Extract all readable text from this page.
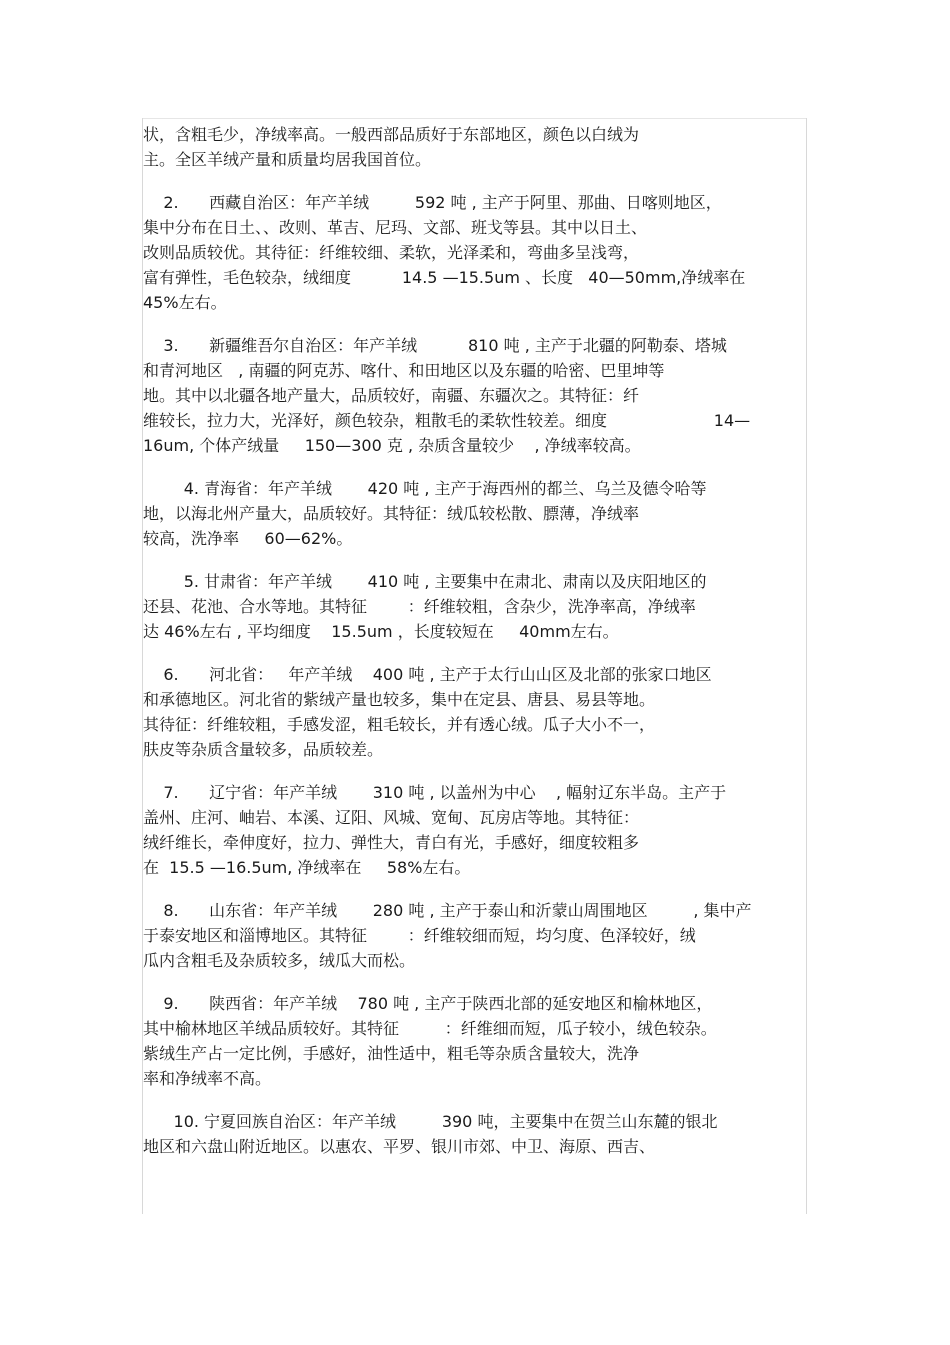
状，含粗毛少，净绒率高。一般西部品质好于东部地区，颜色以白绒为
主。全区羊绒产量和质量均居我国首位。
2.      西藏自治区：年产羊绒         592 吨 , 主产于阿里、那曲、日喀则地区，
集中分布在日土、、改则、革吉、尼玛、文部、班戈等县。其中以日土、
改则品质较优。其待征：纤维较细、柔软，光泽柔和，弯曲多呈浅弯，
富有弹性，毛色较杂，绒细度          14.5 —15.5um 、长度   40—50mm,净绒率在
45%左右。
3.      新疆维吾尔自治区：年产羊绒          810 吨 , 主产于北疆的阿勒泰、塔城
和青河地区   , 南疆的阿克苏、喀什、和田地区以及东疆的哈密、巴里坤等
地。其中以北疆各地产量大，品质较好，南疆、东疆次之。其特征：纤
维较长，拉力大，光泽好，颜色较杂，粗散毛的柔软性较差。细度                     14—
16um, 个体产绒量     150—300 克 , 杂质含量较少    , 净绒率较高。
4. 青海省：年产羊绒       420 吨 , 主产于海西州的都兰、乌兰及德令哈等
地，以海北州产量大，品质较好。其特征：绒瓜较松散、膘薄，净绒率
较高，洗净率     60—62%。
5. 甘肃省：年产羊绒       410 吨 , 主要集中在肃北、肃南以及庆阳地区的
还县、花池、合水等地。其特征        ：纤维较粗，含杂少，洗净率高，净绒率
达 46%左右 , 平均细度    15.5um ，长度较短在     40mm左右。
6.      河北省：   年产羊绒    400 吨 , 主产于太行山山区及北部的张家口地区
和承德地区。河北省的紫绒产量也较多，集中在定县、唐县、易县等地。
其待征：纤维较粗，手感发涩，粗毛较长，并有透心绒。瓜子大小不一，
肤皮等杂质含量较多，品质较差。
7.      辽宁省：年产羊绒       310 吨 , 以盖州为中心    , 幅射辽东半岛。主产于
盖州、庄河、岫岩、本溪、辽阳、风城、宽甸、瓦房店等地。其特征：
绒纤维长，牵伸度好，拉力、弹性大，青白有光，手感好，细度较粗多
在  15.5 —16.5um, 净绒率在     58%左右。
8.      山东省：年产羊绒       280 吨 , 主产于泰山和沂蒙山周围地区         , 集中产
于泰安地区和淄博地区。其特征        ：纤维较细而短，均匀度、色泽较好，绒
瓜内含粗毛及杂质较多，绒瓜大而松。
9.      陕西省：年产羊绒    780 吨 , 主产于陕西北部的延安地区和榆林地区，
其中榆林地区羊绒品质较好。其特征         ：纤维细而短，瓜子较小，绒色较杂。
紫绒生产占一定比例，手感好，油性适中，粗毛等杂质含量较大，洗净
率和净绒率不高。
10. 宁夏回族自治区：年产羊绒         390 吨，主要集中在贺兰山东麓的银北
地区和六盘山附近地区。以惠农、平罗、银川市郊、中卫、海原、西吉、
